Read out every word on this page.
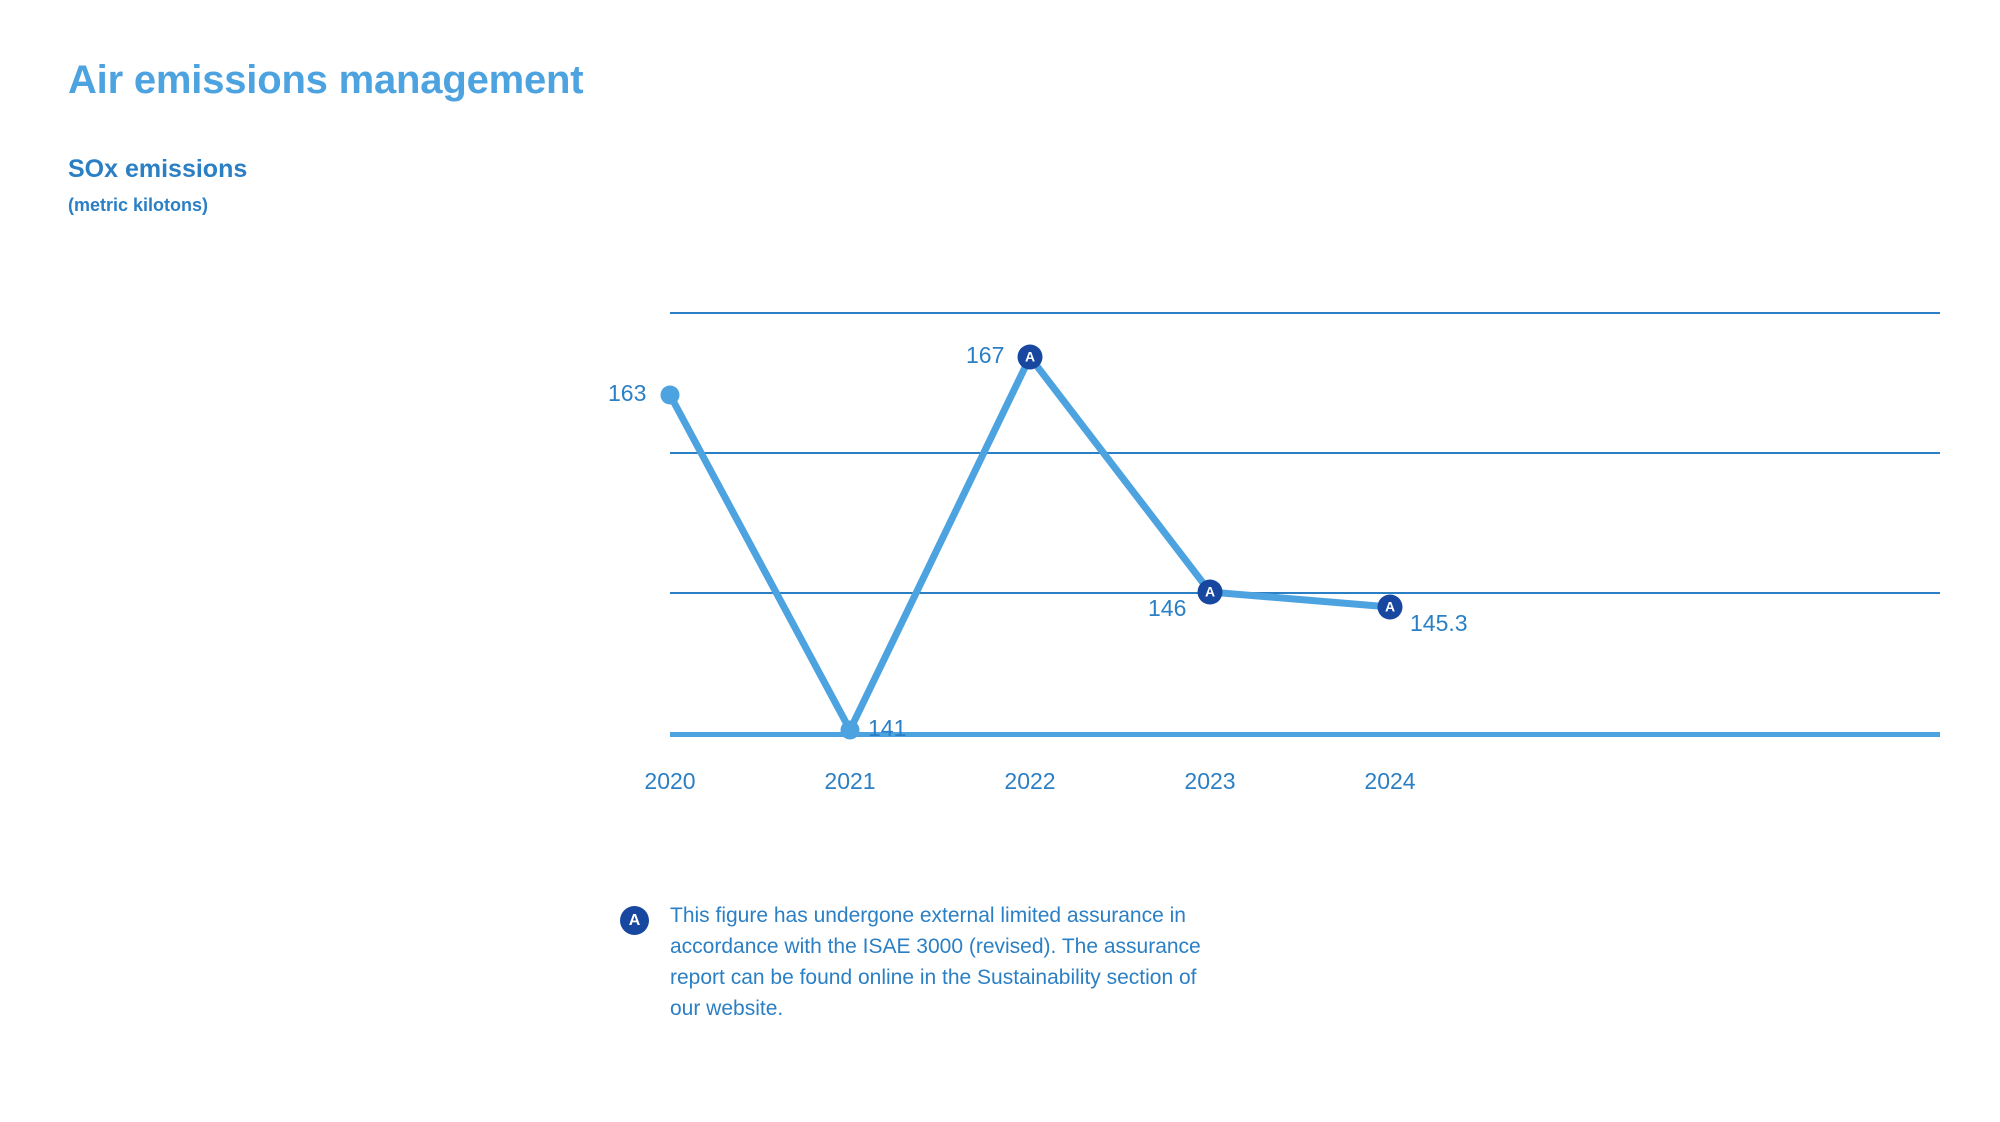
Air emissions management
SOx emissions
(metric kilotons)
A
A
A
163
141
167
146
145.3
2020	2021	2022	2023	2024
A	This figure has undergone external limited assurance in accordance with the ISAE 3000 (revised). The assurance report can be found online in the Sustainability section of our website.
